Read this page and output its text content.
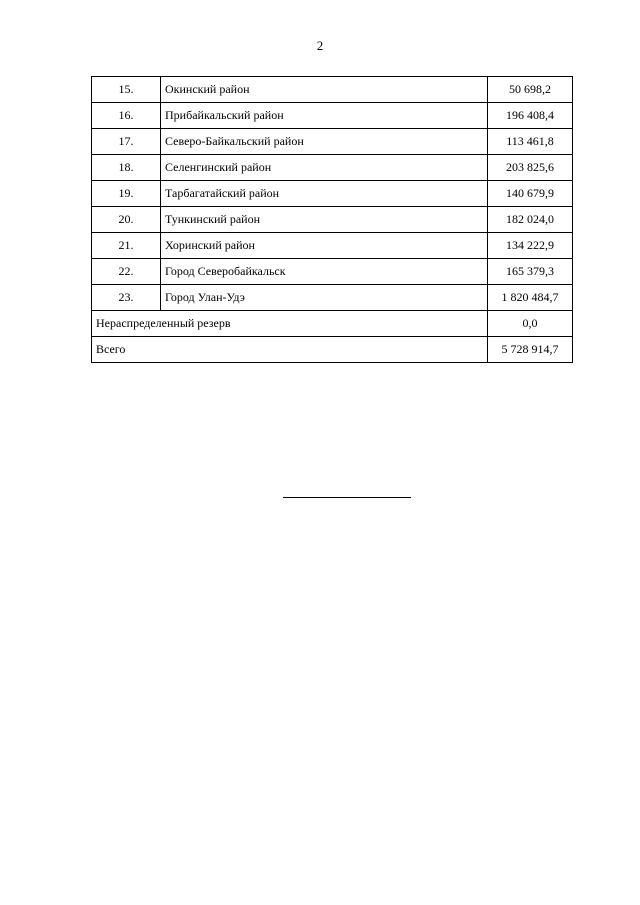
2
15.	Окинский район	50 698,2
16.	Прибайкальский район	196 408,4
17.	Северо-Байкальский район	113 461,8
18.	Селенгинский район	203 825,6
19.	Тарбагатайский район	140 679,9
20.	Тункинский район	182 024,0
21.	Хоринский район	134 222,9
22.	Город Северобайкальск	165 379,3
23.	Город Улан-Удэ	1 820 484,7
Нераспределенный резерв		0,0
Всего		5 728 914,7
